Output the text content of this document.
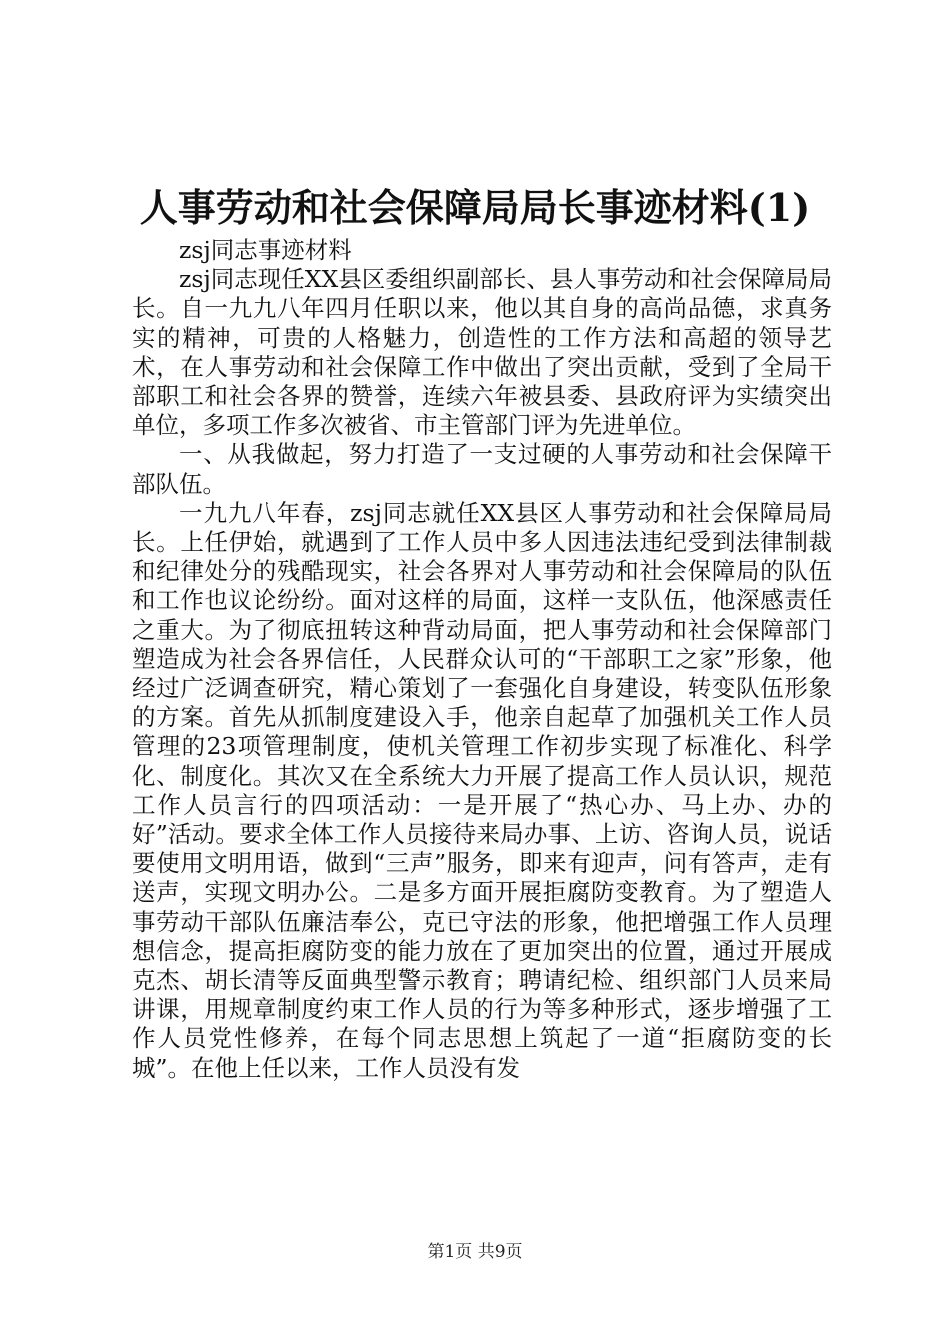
人事劳动和社会保障局局长事迹材料(1)

zsj同志事迹材料

zsj同志现任XX县区委组织副部长、县人事劳动和社会保障局局长。自一九九八年四月任职以来，他以其自身的高尚品德，求真务实的精神，可贵的人格魅力，创造性的工作方法和高超的领导艺术，在人事劳动和社会保障工作中做出了突出贡献，受到了全局干部职工和社会各界的赞誉，连续六年被县委、县政府评为实绩突出单位，多项工作多次被省、市主管部门评为先进单位。

一、从我做起，努力打造了一支过硬的人事劳动和社会保障干部队伍。

一九九八年春，zsj同志就任XX县区人事劳动和社会保障局局长。上任伊始，就遇到了工作人员中多人因违法违纪受到法律制裁和纪律处分的残酷现实，社会各界对人事劳动和社会保障局的队伍和工作也议论纷纷。面对这样的局面，这样一支队伍，他深感责任之重大。为了彻底扭转这种背动局面，把人事劳动和社会保障部门塑造成为社会各界信任，人民群众认可的“干部职工之家”形象，他经过广泛调查研究，精心策划了一套强化自身建设，转变队伍形象的方案。首先从抓制度建设入手，他亲自起草了加强机关工作人员管理的23项管理制度，使机关管理工作初步实现了标准化、科学化、制度化。其次又在全系统大力开展了提高工作人员认识，规范工作人员言行的四项活动：一是开展了“热心办、马上办、办的好”活动。要求全体工作人员接待来局办事、上访、咨询人员，说话要使用文明用语，做到“三声”服务，即来有迎声，问有答声，走有送声，实现文明办公。二是多方面开展拒腐防变教育。为了塑造人事劳动干部队伍廉洁奉公，克已守法的形象，他把增强工作人员理想信念，提高拒腐防变的能力放在了更加突出的位置，通过开展成克杰、胡长清等反面典型警示教育；聘请纪检、组织部门人员来局讲课，用规章制度约束工作人员的行为等多种形式，逐步增强了工作人员党性修养，在每个同志思想上筑起了一道“拒腐防变的长城”。在他上任以来，工作人员没有发

第1页 共9页
